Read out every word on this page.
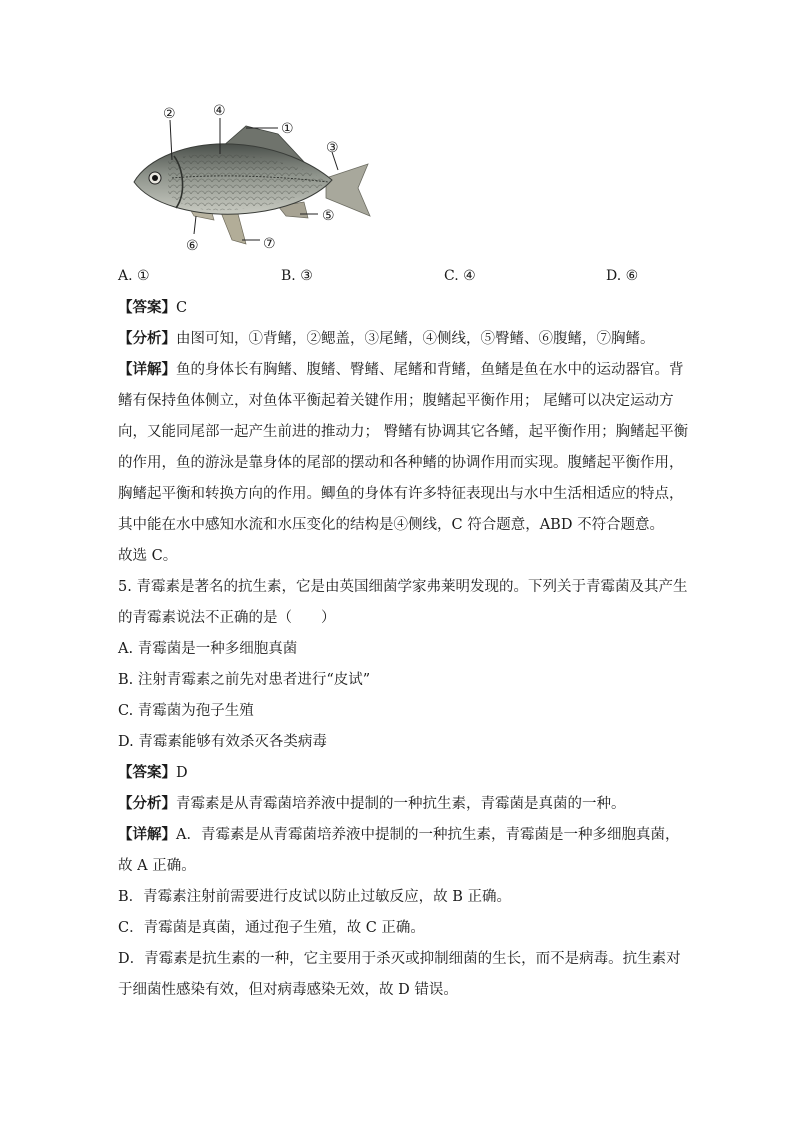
②	④
①
③
⑤
⑥	⑦
A. ①	B. ③	C. ④	D. ⑥
【答案】C
【分析】由图可知，①背鳍，②鳃盖，③尾鳍，④侧线，⑤臀鳍、⑥腹鳍，⑦胸鳍。
【详解】鱼的身体长有胸鳍、腹鳍、臀鳍、尾鳍和背鳍，鱼鳍是鱼在水中的运动器官。背
鳍有保持鱼体侧立，对鱼体平衡起着关键作用；腹鳍起平衡作用； 尾鳍可以决定运动方
向，又能同尾部一起产生前进的推动力； 臀鳍有协调其它各鳍，起平衡作用；胸鳍起平衡
的作用，鱼的游泳是靠身体的尾部的摆动和各种鳍的协调作用而实现。腹鳍起平衡作用，
胸鳍起平衡和转换方向的作用。鲫鱼的身体有许多特征表现出与水中生活相适应的特点，
其中能在水中感知水流和水压变化的结构是④侧线，C 符合题意，ABD 不符合题意。
故选 C。
5. 青霉素是著名的抗生素，它是由英国细菌学家弗莱明发现的。下列关于青霉菌及其产生
的青霉素说法不正确的是（　　）
A. 青霉菌是一种多细胞真菌
B. 注射青霉素之前先对患者进行“皮试”
C. 青霉菌为孢子生殖
D. 青霉素能够有效杀灭各类病毒
【答案】D
【分析】青霉素是从青霉菌培养液中提制的一种抗生素，青霉菌是真菌的一种。
【详解】A．青霉素是从青霉菌培养液中提制的一种抗生素，青霉菌是一种多细胞真菌，
故 A 正确。
B．青霉素注射前需要进行皮试以防止过敏反应，故 B 正确。
C．青霉菌是真菌，通过孢子生殖，故 C 正确。
D．青霉素是抗生素的一种，它主要用于杀灭或抑制细菌的生长，而不是病毒。抗生素对
于细菌性感染有效，但对病毒感染无效，故 D 错误。
